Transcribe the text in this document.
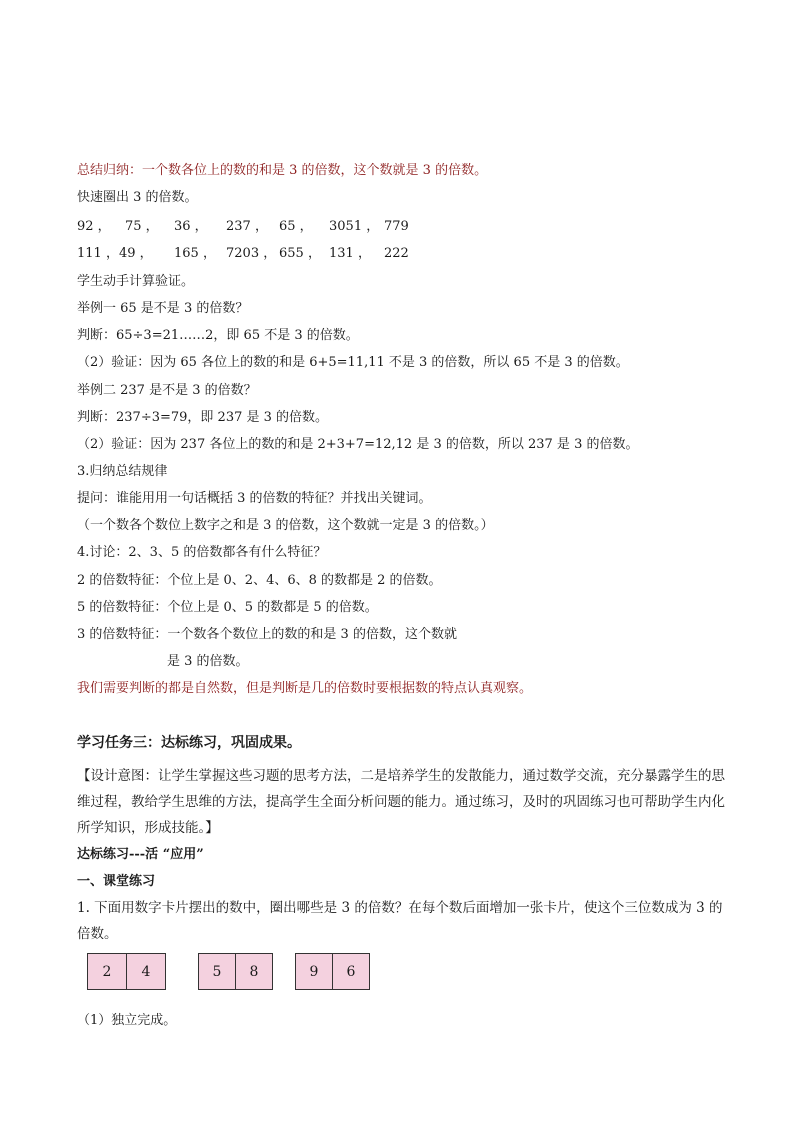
总结归纳：一个数各位上的数的和是 3 的倍数，这个数就是 3 的倍数。
快速圈出 3 的倍数。
92 ， 75 ， 36 ， 237 ， 65 ， 3051 ， 779
111 ，49 ， 165 ， 7203 ， 655 ， 131 ， 222
学生动手计算验证。
举例一 65 是不是 3 的倍数？
判断：65÷3=21……2，即 65 不是 3 的倍数。
（2）验证：因为 65 各位上的数的和是 6+5=11,11 不是 3 的倍数，所以 65 不是 3 的倍数。
举例二 237 是不是 3 的倍数？
判断：237÷3=79，即 237 是 3 的倍数。
（2）验证：因为 237 各位上的数的和是 2+3+7=12,12 是 3 的倍数，所以 237 是 3 的倍数。
3.归纳总结规律
提问：谁能用用一句话概括 3 的倍数的特征？并找出关键词。
（一个数各个数位上数字之和是 3 的倍数，这个数就一定是 3 的倍数。）
4.讨论：2、3、5 的倍数都各有什么特征？
2 的倍数特征：个位上是 0、2、4、6、8 的数都是 2 的倍数。
5 的倍数特征：个位上是 0、5 的数都是 5 的倍数。
3 的倍数特征：一个数各个数位上的数的和是 3 的倍数，这个数就
是 3 的倍数。
我们需要判断的都是自然数，但是判断是几的倍数时要根据数的特点认真观察。
学习任务三：达标练习，巩固成果。
【设计意图：让学生掌握这些习题的思考方法，二是培养学生的发散能力，通过数学交流，充分暴露学生的思维过程，教给学生思维的方法，提高学生全面分析问题的能力。通过练习，及时的巩固练习也可帮助学生内化所学知识，形成技能。】
达标练习---活 “应用”
一、课堂练习
1. 下面用数字卡片摆出的数中，圈出哪些是 3 的倍数？在每个数后面增加一张卡片，使这个三位数成为 3 的倍数。
2	4	5	8	9	6
（1）独立完成。
